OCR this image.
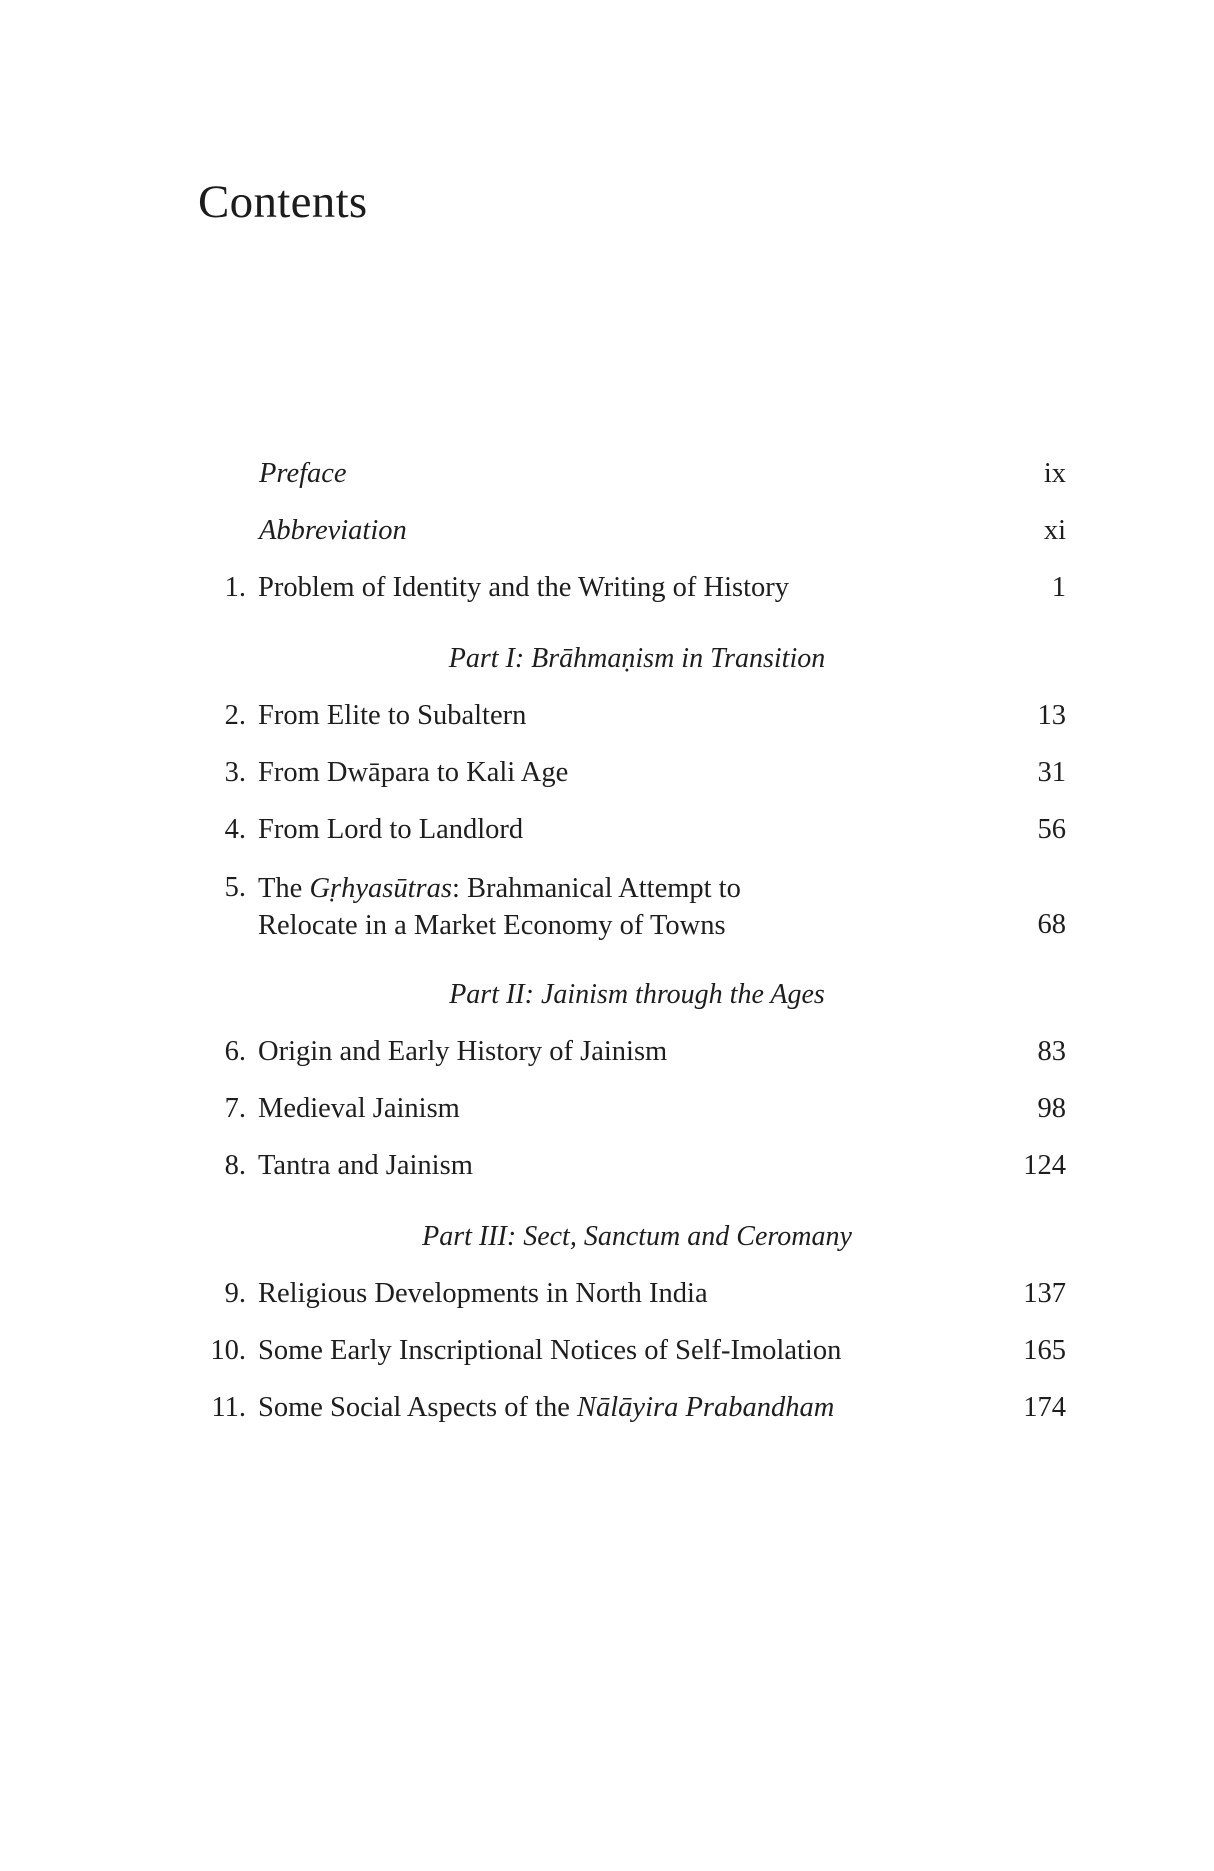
Contents
Preface	ix
Abbreviation	xi
1. Problem of Identity and the Writing of History	1
Part I: Brāhmaṇism in Transition
2. From Elite to Subaltern	13
3. From Dwāpara to Kali Age	31
4. From Lord to Landlord	56
5. The Gṛhyasūtras: Brahmanical Attempt to
Relocate in a Market Economy of Towns	68
Part II: Jainism through the Ages
6. Origin and Early History of Jainism	83
7. Medieval Jainism	98
8. Tantra and Jainism	124
Part III: Sect, Sanctum and Ceromany
9. Religious Developments in North India	137
10. Some Early Inscriptional Notices of Self-Imolation	165
11. Some Social Aspects of the Nālāyira Prabandham	174
